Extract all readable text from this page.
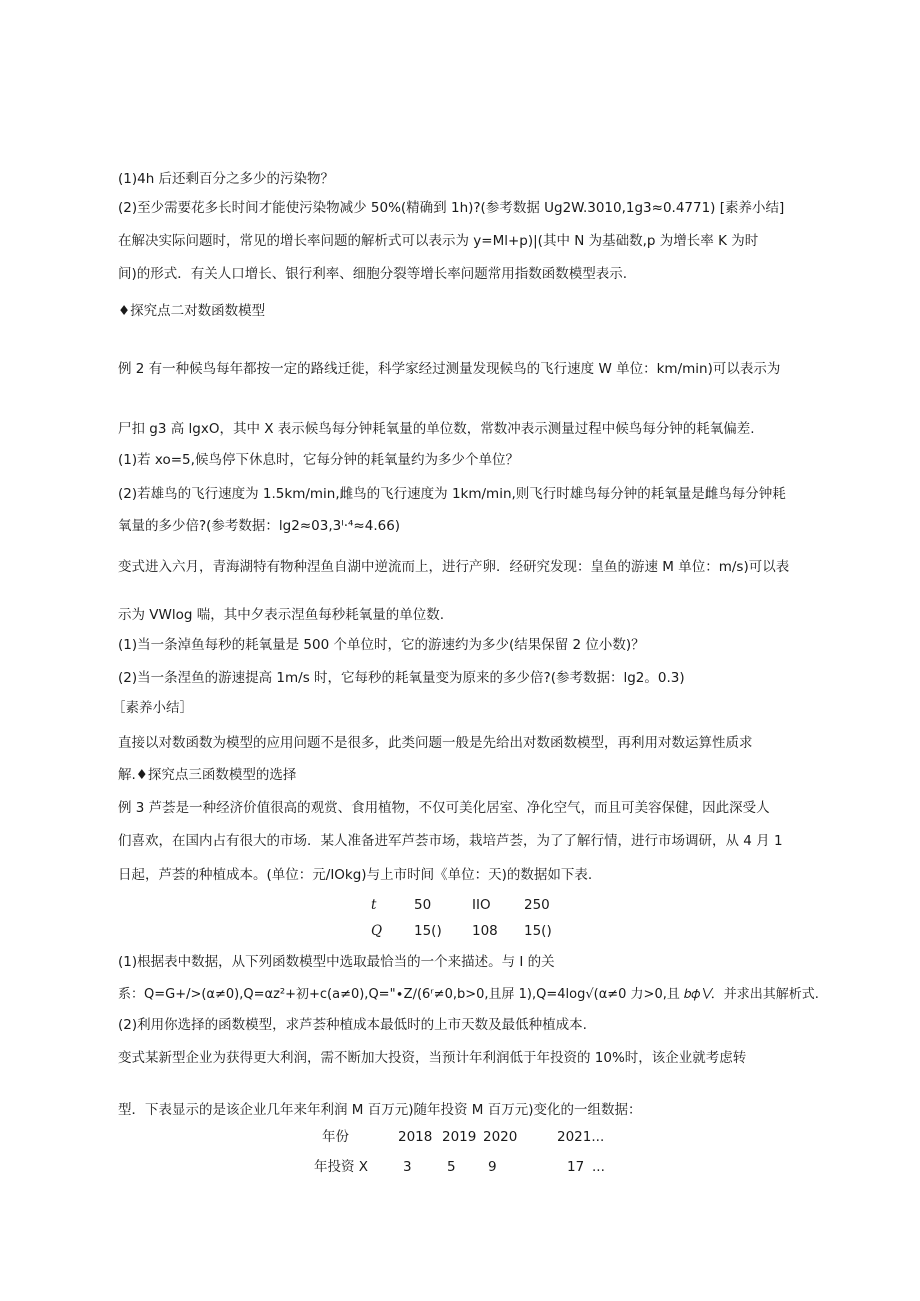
(1)4h 后还剩百分之多少的污染物？
(2)至少需要花多长时间才能使污染物减少 50%(精确到 1h)?(参考数据 Ug2W.3010,1g3≈0.4771) [素养小结]
在解决实际问题时，常见的增长率问题的解析式可以表示为 y=Ml+p)|(其中 N 为基础数,p 为增长率 K 为时
间)的形式．有关人口增长、银行利率、细胞分裂等增长率问题常用指数函数模型表示.
♦探究点二对数函数模型
例 2 有一种候鸟每年都按一定的路线迁徙，科学家经过测量发现候鸟的飞行速度 W 单位：km∕min)可以表示为
尸扣 g3 高 lgxO，其中 X 表示候鸟每分钟耗氧量的单位数，常数冲表示测量过程中候鸟每分钟的耗氧偏差.
(1)若 xo=5,候鸟停下休息时，它每分钟的耗氧量约为多少个单位？
(2)若雄鸟的飞行速度为 1.5km∕min,雌鸟的飞行速度为 1km∕min,则飞行时雄鸟每分钟的耗氧量是雌鸟每分钟耗
氧量的多少倍?(参考数据：lg2≈03,3ᴵ·⁴≈4.66)
变式进入六月，青海湖特有物种涅鱼自湖中逆流而上，进行产卵．经研究发现：皇鱼的游速 M 单位：m∕s)可以表
示为 VWlog 喘，其中夕表示涅鱼每秒耗氧量的单位数.
(1)当一条淖鱼每秒的耗氧量是 500 个单位时，它的游速约为多少(结果保留 2 位小数)？
(2)当一条涅鱼的游速提高 1m/s 时，它每秒的耗氧量变为原来的多少倍?(参考数据：lg2。0.3)
［素养小结］
直接以对数函数为模型的应用问题不是很多，此类问题一般是先给出对数函数模型，再利用对数运算性质求
解.♦探究点三函数模型的选择
例 3 芦荟是一种经济价值很高的观赏、食用植物，不仅可美化居室、净化空气，而且可美容保健，因此深受人
们喜欢，在国内占有很大的市场．某人准备进军芦荟市场，栽培芦荟，为了了解行情，进行市场调研，从 4 月 1
日起，芦荟的种植成本。(单位：元/IOkg)与上市时间《单位：天)的数据如下表.
t	50	IIO 250
Q 15() 108 15()
(1)根据表中数据，从下列函数模型中选取最恰当的一个来描述。与 I 的关
系：Q=G+/>(α≠0),Q=αz²+初+c(a≠0),Q="∙Z∕(6ʳ≠0,b>0,且屏 1),Q=4log√(α≠0 力>0,且 𝑏𝜙∖⁄．并求出其解析式.
(2)利用你选择的函数模型，求芦荟种植成本最低时的上市天数及最低种植成本.
变式某新型企业为获得更大利润，需不断加大投资，当预计年利润低于年投资的 10%时，该企业就考虑转
型．下表显示的是该企业几年来年利润 M 百万元)随年投资 M 百万元)变化的一组数据：
年份	2018 2019 2020	2021...
年投资 X	3	5 9	17 ...
